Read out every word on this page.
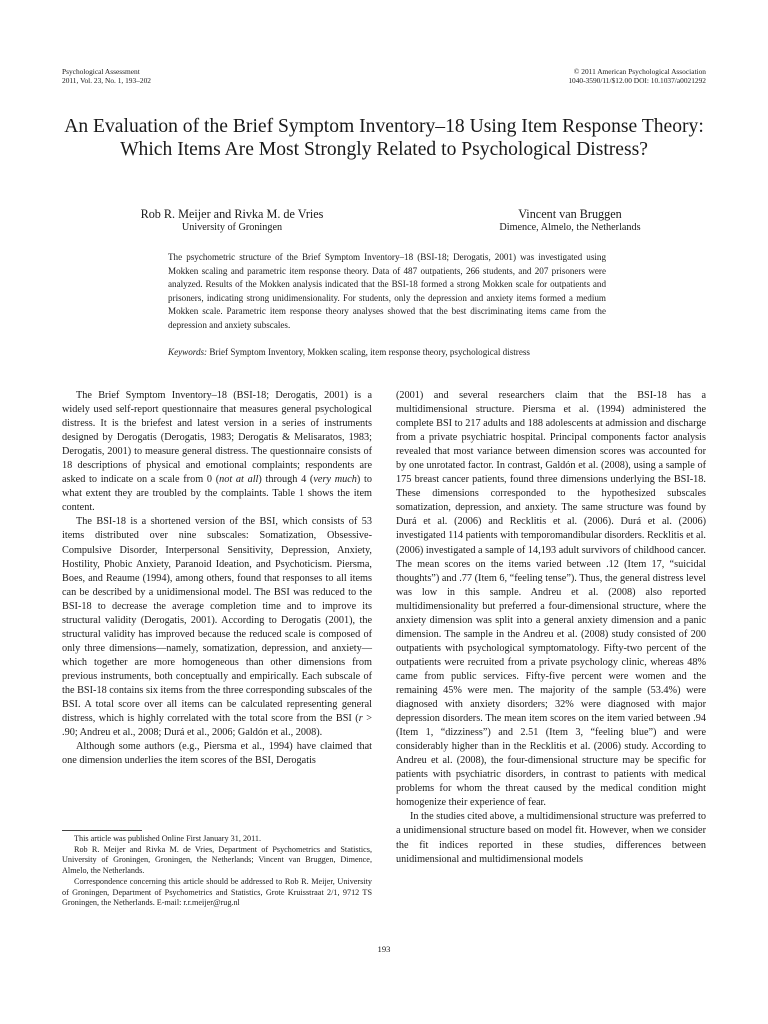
Psychological Assessment
2011, Vol. 23, No. 1, 193–202
© 2011 American Psychological Association
1040-3590/11/$12.00 DOI: 10.1037/a0021292
An Evaluation of the Brief Symptom Inventory–18 Using Item Response Theory: Which Items Are Most Strongly Related to Psychological Distress?
Rob R. Meijer and Rivka M. de Vries
University of Groningen
Vincent van Bruggen
Dimence, Almelo, the Netherlands
The psychometric structure of the Brief Symptom Inventory–18 (BSI-18; Derogatis, 2001) was investigated using Mokken scaling and parametric item response theory. Data of 487 outpatients, 266 students, and 207 prisoners were analyzed. Results of the Mokken analysis indicated that the BSI-18 formed a strong Mokken scale for outpatients and prisoners, indicating strong unidimensionality. For students, only the depression and anxiety items formed a medium Mokken scale. Parametric item response theory analyses showed that the best discriminating items came from the depression and anxiety subscales.
Keywords: Brief Symptom Inventory, Mokken scaling, item response theory, psychological distress

The Brief Symptom Inventory–18 (BSI-18; Derogatis, 2001) is a widely used self-report questionnaire that measures general psychological distress. It is the briefest and latest version in a series of instruments designed by Derogatis (Derogatis, 1983; Derogatis & Melisaratos, 1983; Derogatis, 2001) to measure general distress. The questionnaire consists of 18 descriptions of physical and emotional complaints; respondents are asked to indicate on a scale from 0 (not at all) through 4 (very much) to what extent they are troubled by the complaints. Table 1 shows the item content.

The BSI-18 is a shortened version of the BSI, which consists of 53 items distributed over nine subscales: Somatization, Obsessive-Compulsive Disorder, Interpersonal Sensitivity, Depression, Anxiety, Hostility, Phobic Anxiety, Paranoid Ideation, and Psychoticism. Piersma, Boes, and Reaume (1994), among others, found that responses to all items can be described by a unidimensional model. The BSI was reduced to the BSI-18 to decrease the average completion time and to improve its structural validity (Derogatis, 2001). According to Derogatis (2001), the structural validity has improved because the reduced scale is composed of only three dimensions—namely, somatization, depression, and anxiety—which together are more homogeneous than other dimensions from previous instruments, both conceptually and empirically. Each subscale of the BSI-18 contains six items from the three corresponding subscales of the BSI. A total score over all items can be calculated representing general distress, which is highly correlated with the total score from the BSI (r > .90; Andreu et al., 2008; Durá et al., 2006; Galdón et al., 2008).

Although some authors (e.g., Piersma et al., 1994) have claimed that one dimension underlies the item scores of the BSI, Derogatis

(2001) and several researchers claim that the BSI-18 has a multidimensional structure. Piersma et al. (1994) administered the complete BSI to 217 adults and 188 adolescents at admission and discharge from a private psychiatric hospital. Principal components factor analysis revealed that most variance between dimension scores was accounted for by one unrotated factor. In contrast, Galdón et al. (2008), using a sample of 175 breast cancer patients, found three dimensions underlying the BSI-18. These dimensions corresponded to the hypothesized subscales somatization, depression, and anxiety. The same structure was found by Durá et al. (2006) and Recklitis et al. (2006). Durá et al. (2006) investigated 114 patients with temporomandibular disorders. Recklitis et al. (2006) investigated a sample of 14,193 adult survivors of childhood cancer. The mean scores on the items varied between .12 (Item 17, “suicidal thoughts”) and .77 (Item 6, “feeling tense”). Thus, the general distress level was low in this sample. Andreu et al. (2008) also reported multidimensionality but preferred a four-dimensional structure, where the anxiety dimension was split into a general anxiety dimension and a panic dimension. The sample in the Andreu et al. (2008) study consisted of 200 outpatients with psychological symptomatology. Fifty-two percent of the outpatients were recruited from a private psychology clinic, whereas 48% came from public services. Fifty-five percent were women and the remaining 45% were men. The majority of the sample (53.4%) were diagnosed with anxiety disorders; 32% were diagnosed with major depression disorders. The mean item scores on the item varied between .94 (Item 1, “dizziness”) and 2.51 (Item 3, “feeling blue”) and were considerably higher than in the Recklitis et al. (2006) study. According to Andreu et al. (2008), the four-dimensional structure may be specific for patients with psychiatric disorders, in contrast to patients with medical problems for whom the threat caused by the medical condition might homogenize their experience of fear.

In the studies cited above, a multidimensional structure was preferred to a unidimensional structure based on model fit. However, when we consider the fit indices reported in these studies, differences between unidimensional and multidimensional models

This article was published Online First January 31, 2011.

Rob R. Meijer and Rivka M. de Vries, Department of Psychometrics and Statistics, University of Groningen, Groningen, the Netherlands; Vincent van Bruggen, Dimence, Almelo, the Netherlands.

Correspondence concerning this article should be addressed to Rob R. Meijer, University of Groningen, Department of Psychometrics and Statistics, Grote Kruisstraat 2/1, 9712 TS Groningen, the Netherlands. E-mail: r.r.meijer@rug.nl

193
